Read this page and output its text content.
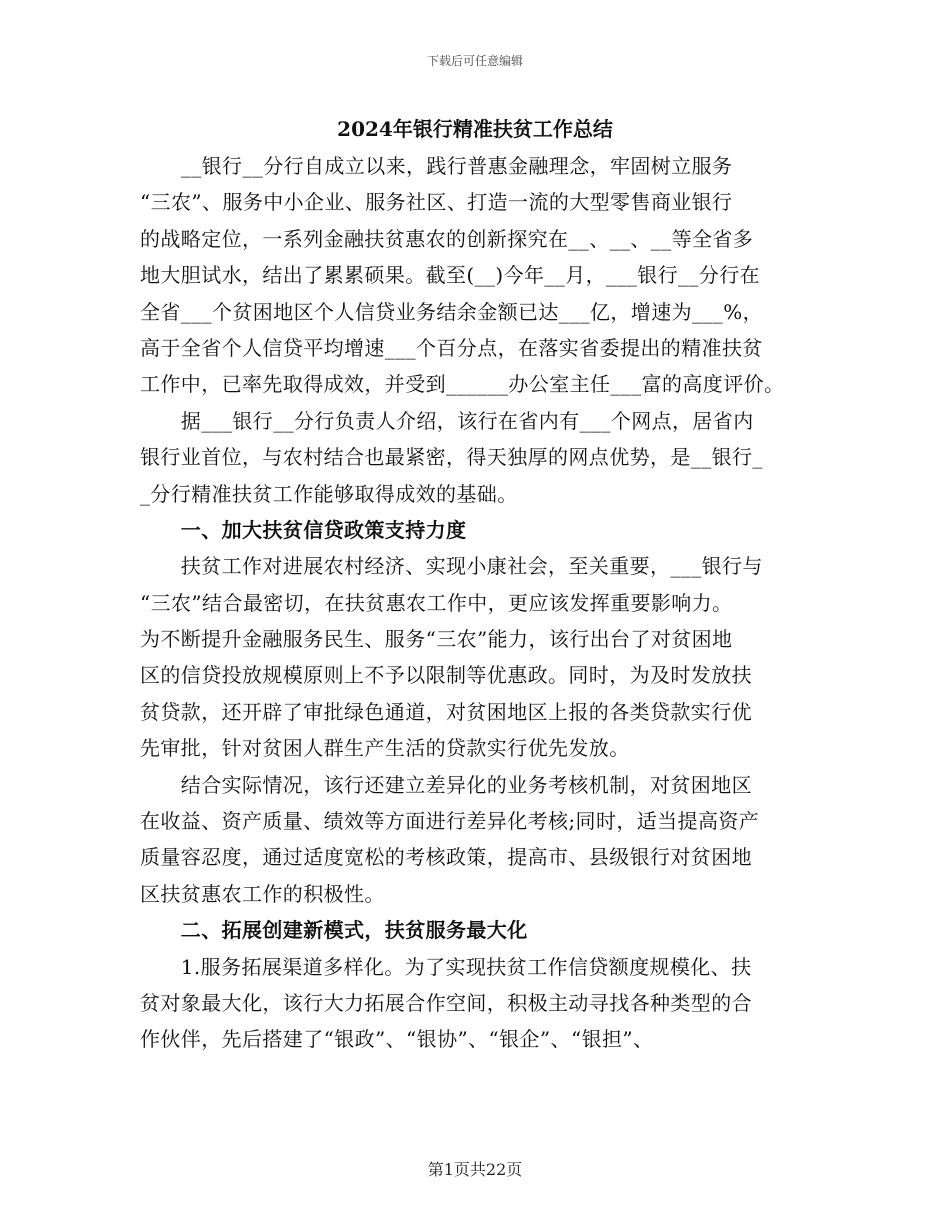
下载后可任意编辑
2024年银行精准扶贫工作总结
　　__银行__分行自成立以来，践行普惠金融理念，牢固树立服务
“三农”、服务中小企业、服务社区、打造一流的大型零售商业银行
的战略定位，一系列金融扶贫惠农的创新探究在__、__、__等全省多
地大胆试水，结出了累累硕果。截至(__)今年__月，___银行__分行在
全省___个贫困地区个人信贷业务结余金额已达___亿，增速为___%，
高于全省个人信贷平均增速___个百分点，在落实省委提出的精准扶贫
工作中，已率先取得成效，并受到______办公室主任___富的高度评价。
　　据___银行__分行负责人介绍，该行在省内有___个网点，居省内
银行业首位，与农村结合也最紧密，得天独厚的网点优势，是__银行_
_分行精准扶贫工作能够取得成效的基础。
　　一、加大扶贫信贷政策支持力度
　　扶贫工作对进展农村经济、实现小康社会，至关重要，___银行与
“三农”结合最密切，在扶贫惠农工作中，更应该发挥重要影响力。
为不断提升金融服务民生、服务“三农”能力，该行出台了对贫困地
区的信贷投放规模原则上不予以限制等优惠政。同时，为及时发放扶
贫贷款，还开辟了审批绿色通道，对贫困地区上报的各类贷款实行优
先审批，针对贫困人群生产生活的贷款实行优先发放。
　　结合实际情况，该行还建立差异化的业务考核机制，对贫困地区
在收益、资产质量、绩效等方面进行差异化考核;同时，适当提高资产
质量容忍度，通过适度宽松的考核政策，提高市、县级银行对贫困地
区扶贫惠农工作的积极性。
　　二、拓展创建新模式，扶贫服务最大化
　　1.服务拓展渠道多样化。为了实现扶贫工作信贷额度规模化、扶
贫对象最大化，该行大力拓展合作空间，积极主动寻找各种类型的合
作伙伴，先后搭建了“银政”、“银协”、“银企”、“银担”、
第1页共22页
